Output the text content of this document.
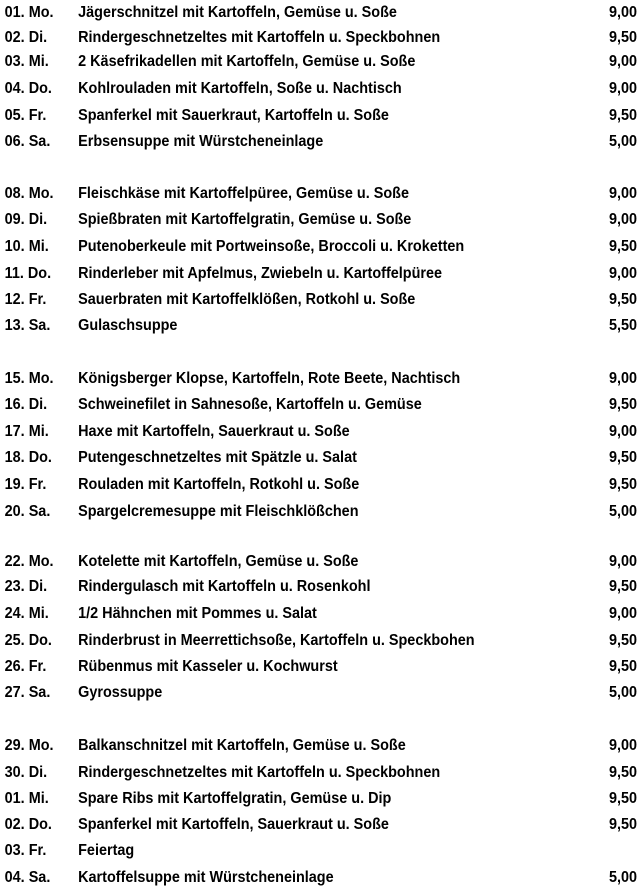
01. Mo. Jägerschnitzel mit Kartoffeln, Gemüse u. Soße	9,00
02. Di. Rindergeschnetzeltes mit Kartoffeln u. Speckbohnen	9,50
03. Mi. 2 Käsefrikadellen mit Kartoffeln, Gemüse u. Soße	9,00
04. Do. Kohlrouladen mit Kartoffeln, Soße u. Nachtisch	9,00
05. Fr. Spanferkel mit Sauerkraut, Kartoffeln u. Soße	9,50
06. Sa. Erbsensuppe mit Würstcheneinlage	5,00
08. Mo. Fleischkäse mit Kartoffelpüree, Gemüse u. Soße	9,00
09. Di. Spießbraten mit Kartoffelgratin, Gemüse u. Soße	9,00
10. Mi. Putenoberkeule mit Portweinsoße, Broccoli u. Kroketten	9,50
11. Do. Rinderleber mit Apfelmus, Zwiebeln u. Kartoffelpüree	9,00
12. Fr. Sauerbraten mit Kartoffelklößen, Rotkohl u. Soße	9,50
13. Sa. Gulaschsuppe	5,50
15. Mo. Königsberger Klopse, Kartoffeln, Rote Beete, Nachtisch	9,00
16. Di. Schweinefilet in Sahnesoße, Kartoffeln u. Gemüse	9,50
17. Mi. Haxe mit Kartoffeln, Sauerkraut u. Soße	9,00
18. Do. Putengeschnetzeltes mit Spätzle u. Salat	9,50
19. Fr. Rouladen mit Kartoffeln, Rotkohl u. Soße	9,50
20. Sa. Spargelcremesuppe mit Fleischklößchen	5,00
22. Mo. Kotelette mit Kartoffeln, Gemüse u. Soße	9,00
23. Di. Rindergulasch mit Kartoffeln u. Rosenkohl	9,50
24. Mi. 1/2 Hähnchen mit Pommes u. Salat	9,00
25. Do. Rinderbrust in Meerrettichsoße, Kartoffeln u. Speckbohen	9,50
26. Fr. Rübenmus mit Kasseler u. Kochwurst	9,50
27. Sa. Gyrossuppe	5,00
29. Mo. Balkanschnitzel mit Kartoffeln, Gemüse u. Soße	9,00
30. Di. Rindergeschnetzeltes mit Kartoffeln u. Speckbohnen	9,50
01. Mi. Spare Ribs mit Kartoffelgratin, Gemüse u. Dip	9,50
02. Do. Spanferkel mit Kartoffeln, Sauerkraut u. Soße	9,50
03. Fr. Feiertag
04. Sa. Kartoffelsuppe mit Würstcheneinlage	5,00
